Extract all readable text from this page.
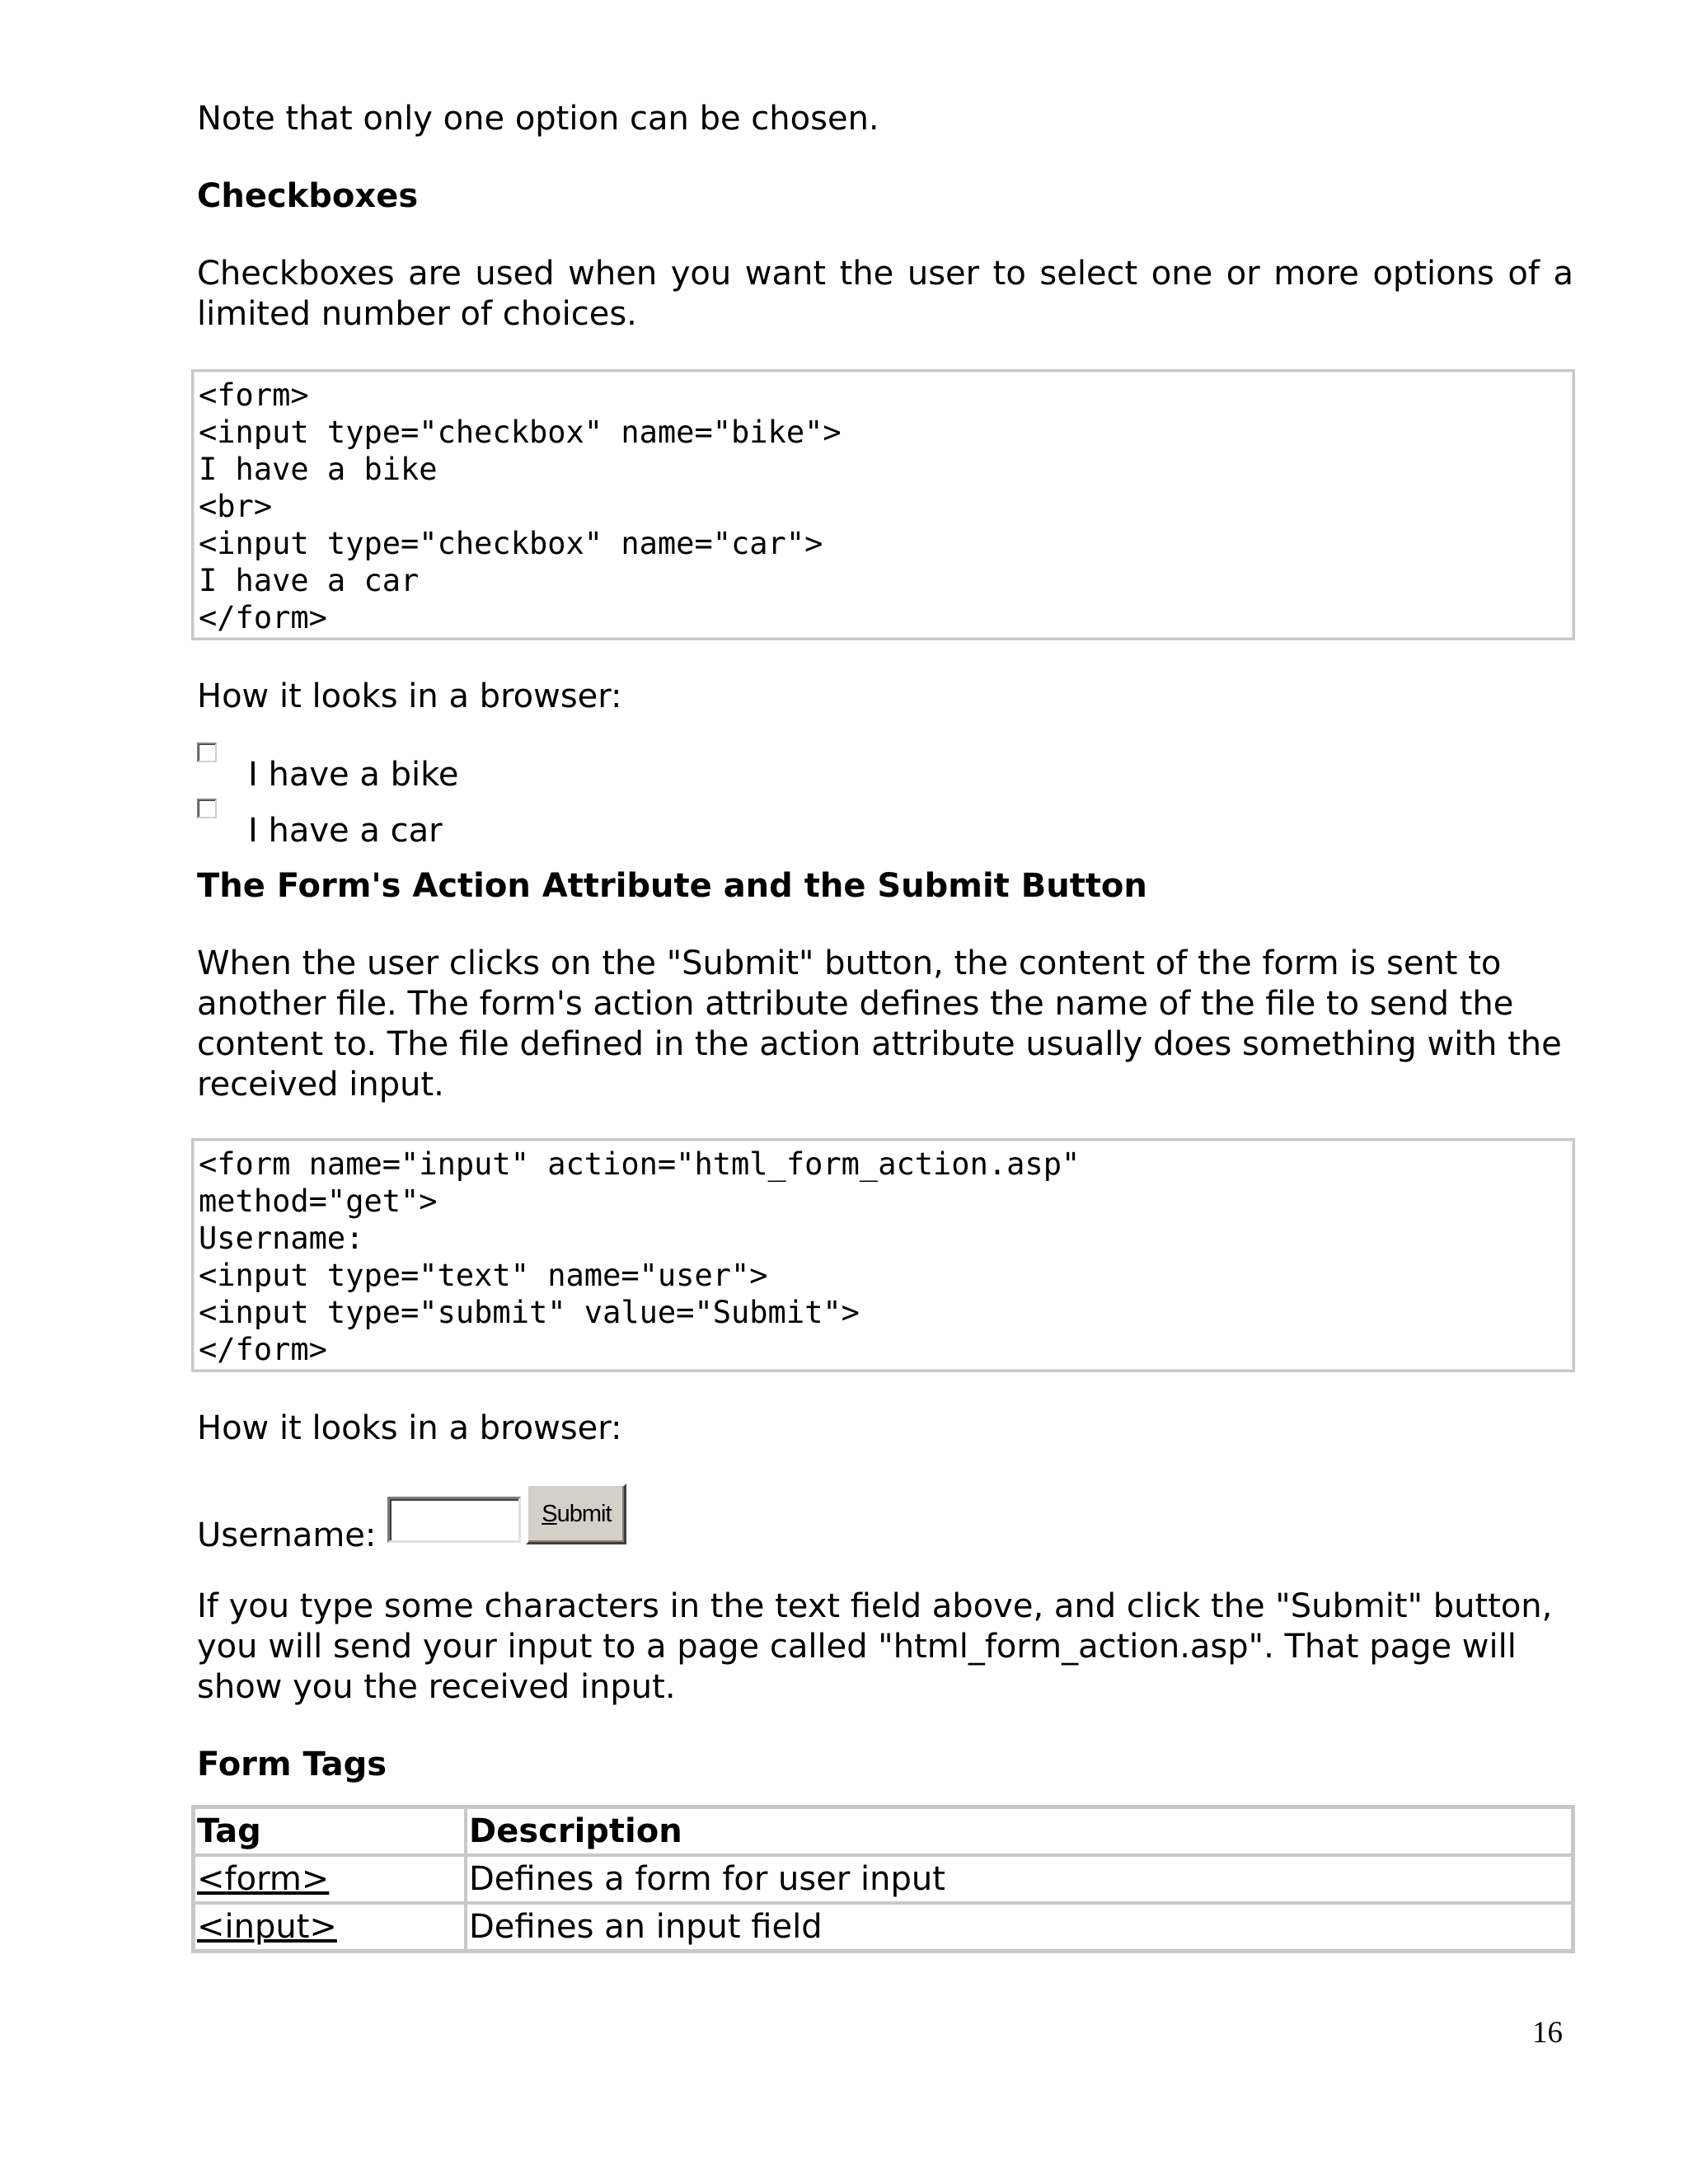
Note that only one option can be chosen.

Checkboxes

Checkboxes are used when you want the user to select one or more options of a limited number of choices.

<form>
<input type="checkbox" name="bike">
I have a bike
<br>
<input type="checkbox" name="car">
I have a car
</form>

How it looks in a browser:

I have a bike
I have a car
The Form's Action Attribute and the Submit Button

When the user clicks on the "Submit" button, the content of the form is sent to another file. The form's action attribute defines the name of the file to send the content to. The file defined in the action attribute usually does something with the received input.

<form name="input" action="html_form_action.asp"
method="get">
Username:
<input type="text" name="user">
<input type="submit" value="Submit">
</form>

How it looks in a browser:

Username:
S ubmit

If you type some characters in the text field above, and click the "Submit" button, you will send your input to a page called "html_form_action.asp". That page will show you the received input.

Form Tags
Tag	Description
<form>	Defines a form for user input
<input>	Defines an input field
16
